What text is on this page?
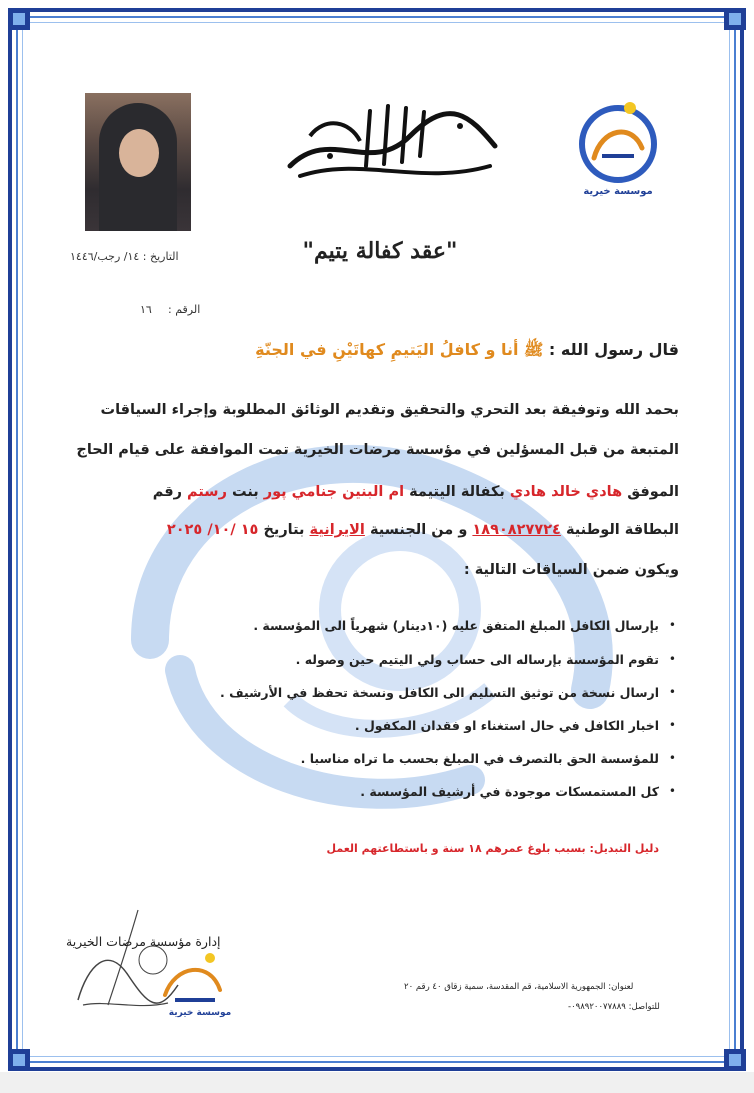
موسسة خيرية
"عقد كفالة يتيم"
التاريخ : ١٤/ رجب/١٤٤٦
الرقم :
١٦
قال رسول الله : ﷺ أنا و كافلُ اليَتيمِ كهاتَيْنِ في الجنّةِ
بحمد الله وتوفيقة بعد التحري والتحقيق وتقديم الوثائق المطلوبة وإجراء السياقات
المتبعة من قبل المسؤلين في مؤسسة مرضات الخيرية تمت الموافقة على قيام الحاج
الموفق هادي خالد هادي بكفالة اليتيمة ام البنين جنامي پور بنت رستم رقم
البطاقة الوطنية ١٨٩٠٨٢٧٧٢٤ و من الجنسية الايرانية بتاريخ ١٥ /١٠/ ٢٠٢٥
ويكون ضمن السياقات التالية :
•
بإرسال الكافل المبلغ المتفق عليه (١٠دينار) شهرياً الى المؤسسة .
•
تقوم المؤسسة بإرساله الى حساب ولي اليتيم حين وصوله .
•
ارسال نسخة من توثيق التسليم الى الكافل ونسخة تحفظ في الأرشيف .
•
اخبار الكافل في حال استغناء او فقدان المكفول .
•
للمؤسسة الحق بالتصرف في المبلغ بحسب ما تراه مناسبا .
•
كل المستمسكات موجودة في أرشيف المؤسسة .
دليل التبديل: بسبب بلوغ عمرهم ١٨ سنة و باستطاعتهم العمل
إدارة مؤسسة مرضات الخيرية
موسسة خيرية
لعنوان: الجمهورية الاسلامية، قم المقدسة، سمية زقاق ٤٠ رقم ٢٠
للتواصل: ٠٩٨٩٢٠٠٧٧٨٨٩-
